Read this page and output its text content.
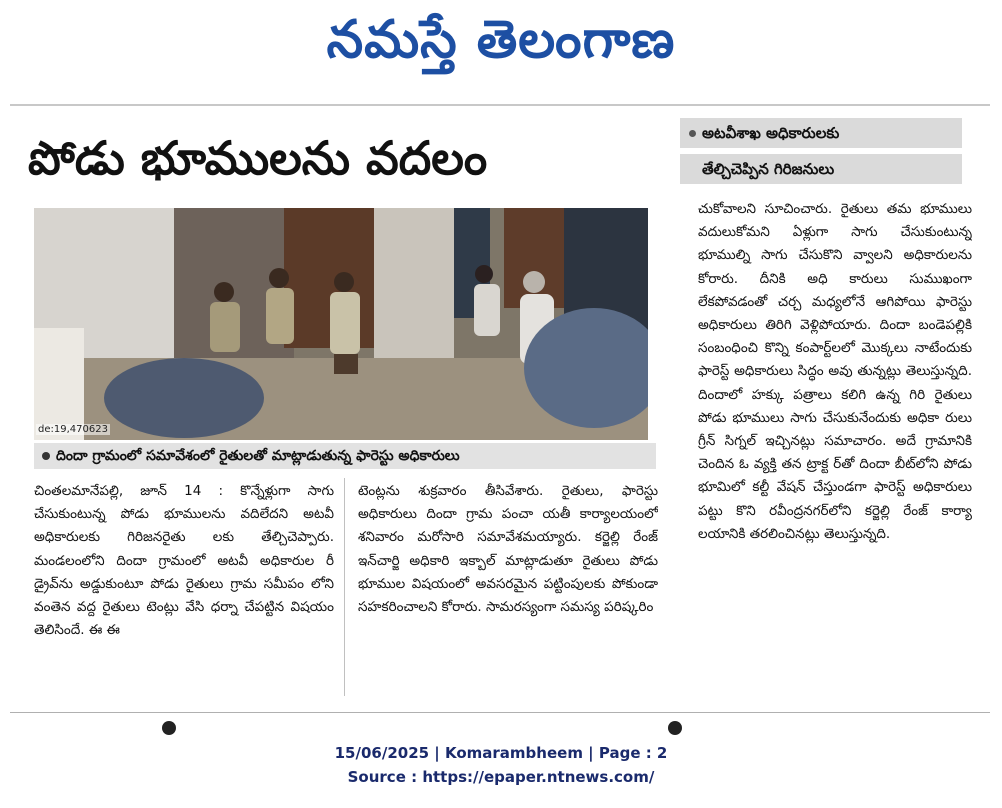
నమస్తే తెలంగాణ
పోడు భూములను వదలం
de:19,470623
దిందా గ్రామంలో సమావేశంలో రైతులతో మాట్లాడుతున్న ఫారెస్టు అధికారులు

చింతలమానేపల్లి, జూన్ 14 : కొన్నేళ్లుగా సాగు చేసుకుంటున్న పోడు భూములను వదిలేదని అటవీ అధికారులకు గిరిజనరైతు లకు తేల్చిచెప్పారు. మండలంలోని దిందా గ్రామంలో అటవీ అధికారుల రీ డ్రైవ్‌ను అడ్డుకుంటూ పోడు రైతులు గ్రామ సమీపం లోని వంతెన వద్ద రైతులు టెంట్లు వేసి ధర్నా చేపట్టిన విషయం తెలిసిందే. ఈ ఈ

టెంట్లను శుక్రవారం తీసివేశారు. రైతులు, ఫారెస్టు అధికారులు దిందా గ్రామ పంచా యతీ కార్యాలయంలో శనివారం మరోసారి సమావేశమయ్యారు. కర్జెల్లి రేంజ్ ఇన్‌చార్జి అధికారి ఇక్బాల్ మాట్లాడుతూ రైతులు పోడు భూముల విషయంలో అవసరమైన పట్టింపులకు పోకుండా సహకరించాలని కోరారు. సామరస్యంగా సమస్య పరిష్కరిం

అటవీశాఖ అధికారులకు
తేల్చిచెప్పిన గిరిజనులు

చుకోవాలని సూచించారు. రైతులు తమ భూములు వదులుకోమని ఏళ్లుగా సాగు చేసుకుంటున్న భూముల్ని సాగు చేసుకొని వ్వాలని అధికారులను కోరారు. దీనికి అధి కారులు సుముఖంగా లేకపోవడంతో చర్చ మధ్యలోనే ఆగిపోయి ఫారెస్టు అధికారులు తిరిగి వెళ్లిపోయారు. దిందా బండెపల్లికి సంబంధించి కొన్ని కంపార్ట్‌లలో మొక్కలు నాటేందుకు ఫారెస్ట్ అధికారులు సిద్ధం అవు తున్నట్లు తెలుస్తున్నది. దిందాలో హక్కు పత్రాలు కలిగి ఉన్న గిరి రైతులు పోడు భూములు సాగు చేసుకునేందుకు అధికా రులు గ్రీన్ సిగ్నల్ ఇచ్చినట్లు సమాచారం. అదే గ్రామానికి చెందిన ఓ వ్యక్తి తన ట్రాక్ట ర్‌తో దిందా బీట్‌లోని పోడు భూమిలో కల్టీ వేషన్ చేస్తుండగా ఫారెస్ట్ అధికారులు పట్టు కొని రవీంద్రనగర్‌లోని కర్జెల్లి రేంజ్ కార్యా లయానికి తరలించినట్లు తెలుస్తున్నది.

15/06/2025 | Komarambheem | Page : 2
Source : https://epaper.ntnews.com/
